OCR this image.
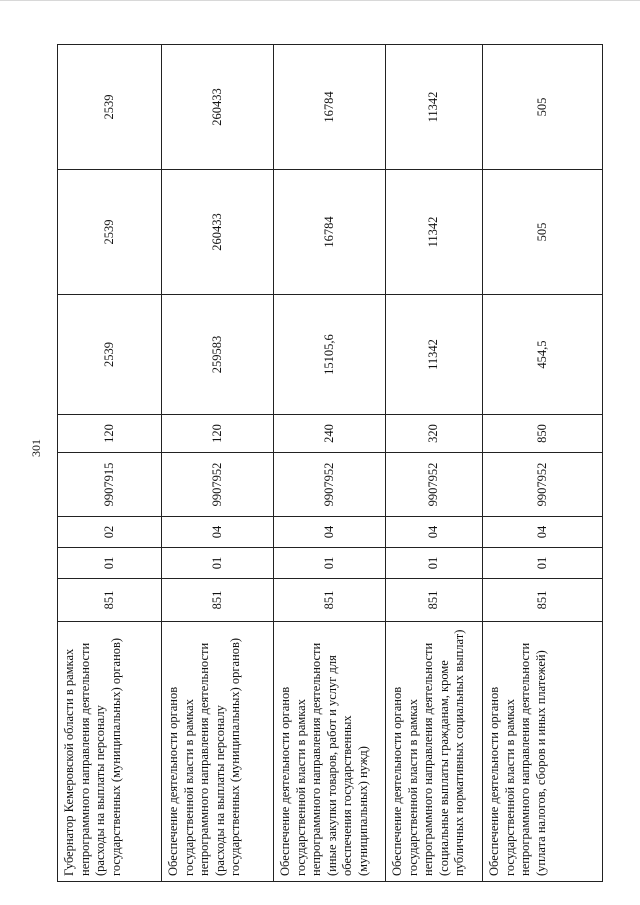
301
Губернатор Кемеровской области в рамках непрограммного направления деятельности (расходы на выплаты персоналу государственных (муниципальных) органов)	851	01	02	9907915	120	2539	2539	2539
Обеспечение деятельности органов государственной власти в рамках непрограммного направления деятельности (расходы на выплаты персоналу государственных (муниципальных) органов)	851	01	04	9907952	120	259583	260433	260433
Обеспечение деятельности органов государственной власти в рамках непрограммного направления деятельности (иные закупки товаров, работ и услуг для обеспечения государственных (муниципальных) нужд)	851	01	04	9907952	240	15105,6	16784	16784
Обеспечение деятельности органов государственной власти в рамках непрограммного направления деятельности (социальные выплаты гражданам, кроме публичных нормативных социальных выплат)	851	01	04	9907952	320	11342	11342	11342
Обеспечение деятельности органов государственной власти в рамках непрограммного направления деятельности (уплата налогов, сборов и иных платежей)	851	01	04	9907952	850	454,5	505	505
